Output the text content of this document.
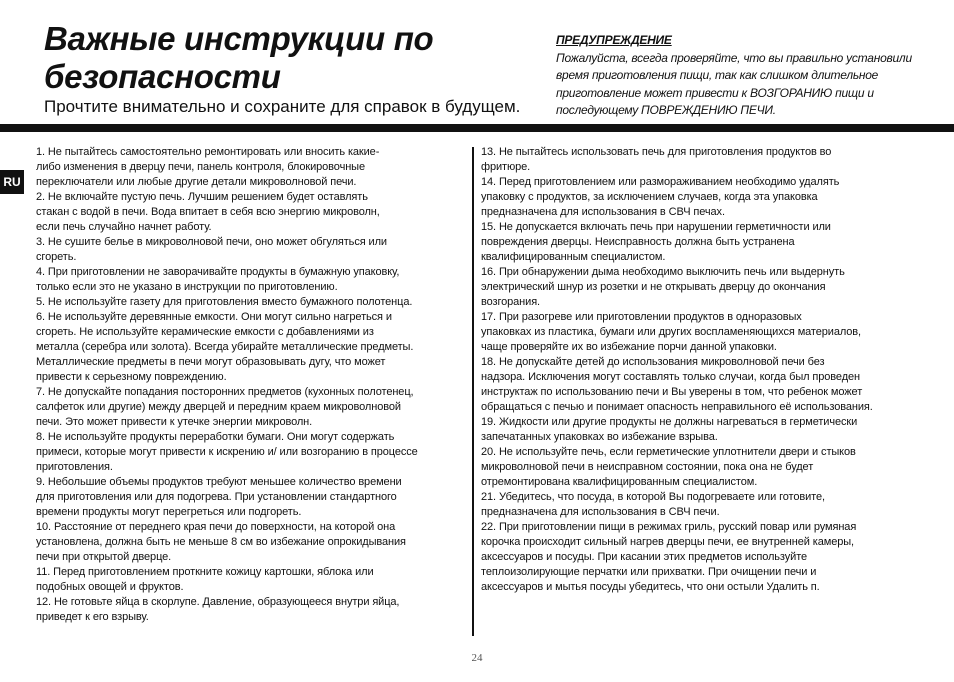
Важные инструкции по
безопасности
Прочтите внимательно и сохраните для справок в будущем.
ПРЕДУПРЕЖДЕНИЕ
Пожалуйста, всегда проверяйте, что вы правильно установили
время приготовления пищи, так как слишком длительное
приготовление может привести к ВОЗГОРАНИЮ пищи и
последующему ПОВРЕЖДЕНИЮ ПЕЧИ.
RU

1. Не пытайтесь самостоятельно ремонтировать или вносить какие-

либо изменения в дверцу печи, панель контроля, блокировочные

переключатели или любые другие детали микроволновой печи.

2. Не включайте пустую печь. Лучшим решением будет оставлять

стакан с водой в печи. Вода впитает в себя всю энергию микроволн,

если печь случайно начнет работу.

3. Не сушите белье в микроволновой печи, оно может обгуляться или

сгореть.

4. При приготовлении не заворачивайте продукты в бумажную упаковку,

только если это не указано в инструкции по приготовлению.

5. Не используйте газету для приготовления вместо бумажного полотенца.

6. Не используйте деревянные емкости. Они могут сильно нагреться и

сгореть. Не используйте керамические емкости с добавлениями из

металла (серебра или золота). Всегда убирайте металлические предметы.

Металлические предметы в печи могут образовывать дугу, что может

привести к серьезному повреждению.

7. Не допускайте попадания посторонних предметов (кухонных полотенец,

салфеток или другие) между дверцей и передним краем микроволновой

печи. Это может привести к утечке энергии микроволн.

8. Не используйте продукты переработки бумаги. Они могут содержать

примеси, которые могут привести к искрению и/ или возгоранию в процессе

приготовления.

9. Небольшие объемы продуктов требуют меньшее количество времени

для приготовления или для подогрева. При установлении стандартного

времени продукты могут перегреться или подгореть.

10. Расстояние от переднего края печи до поверхности, на которой она

установлена, должна быть не меньше 8 см во избежание опрокидывания

печи при открытой дверце.

11. Перед приготовлением проткните кожицу картошки, яблока или

подобных овощей и фруктов.

12. Не готовьте яйца в скорлупе. Давление, образующееся внутри яйца,

приведет к его взрыву.

13. Не пытайтесь использовать печь для приготовления продуктов во

фритюре.

14. Перед приготовлением или размораживанием необходимо удалять

упаковку с продуктов, за исключением случаев, когда эта упаковка

предназначена для использования в СВЧ печах.

15. Не допускается включать печь при нарушении герметичности или

повреждения дверцы. Неисправность должна быть устранена

квалифицированным специалистом.

16. При обнаружении дыма необходимо выключить печь или выдернуть

электрический шнур из розетки и не открывать дверцу до окончания

возгорания.

17. При разогреве или приготовлении продуктов в одноразовых

упаковках из пластика, бумаги или других воспламеняющихся материалов,

чаще проверяйте их во избежание порчи данной упаковки.

18. Не допускайте детей до использования микроволновой печи без

надзора. Исключения могут составлять только случаи, когда был проведен

инструктаж по использованию печи и Вы уверены в том, что ребенок может

обращаться с печью и понимает опасность неправильного её использования.

19. Жидкости или другие продукты не должны нагреваться в герметически

запечатанных упаковках во избежание взрыва.

20. Не используйте печь, если герметические уплотнители двери и стыков

микроволновой печи в неисправном состоянии, пока она не будет

отремонтирована квалифицированным специалистом.

21. Убедитесь, что посуда, в которой Вы подогреваете или готовите,

предназначена для использования в СВЧ печи.

22. При приготовлении пищи в режимах гриль, русский повар или румяная

корочка происходит сильный нагрев дверцы печи, ее внутренней камеры,

аксессуаров и посуды. При касании этих предметов используйте

теплоизолирующие перчатки или прихватки. При очищении печи и

аксессуаров и мытья посуды убедитесь, что они остыли Удалить п.

24
